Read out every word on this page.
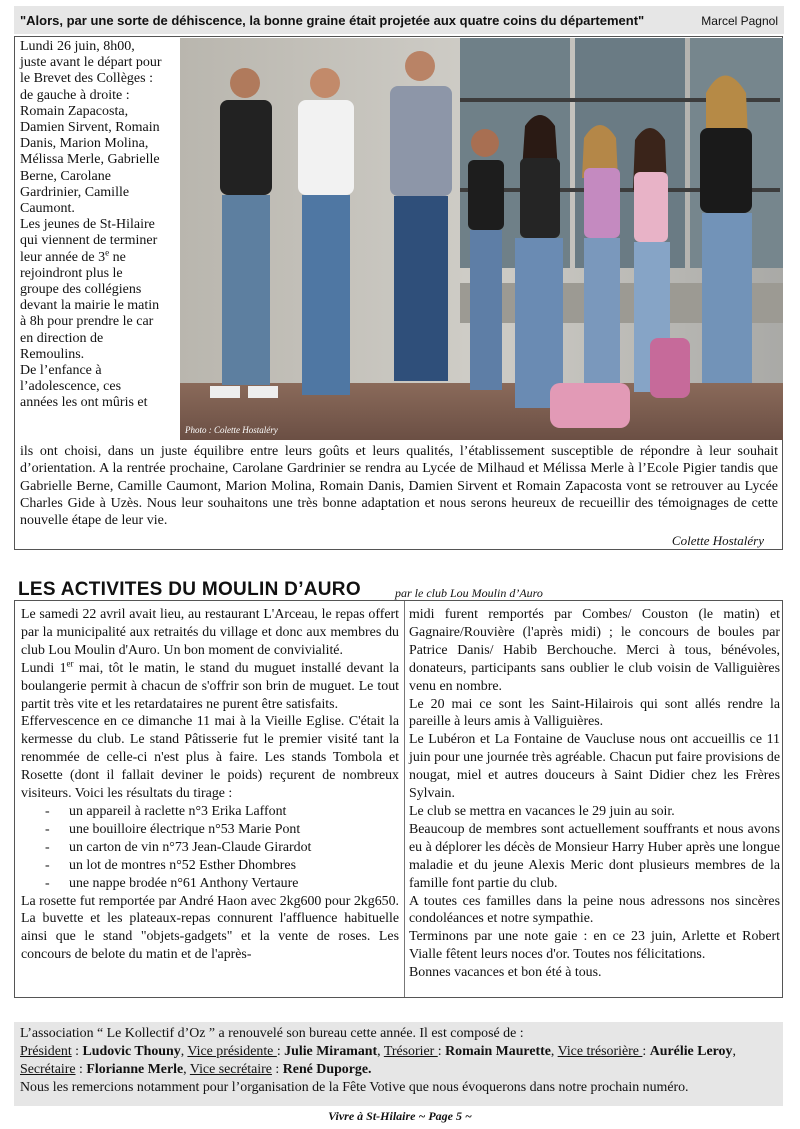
"Alors, par une sorte de déhiscence, la bonne graine était projetée aux quatre coins du département"	Marcel Pagnol
Lundi 26 juin, 8h00,
juste avant le départ pour
le Brevet des Collèges :
de gauche à droite :
Romain Zapacosta,
Damien Sirvent, Romain
Danis, Marion Molina,
Mélissa Merle, Gabrielle
Berne, Carolane
Gardrinier, Camille
Caumont.
Les jeunes de St-Hilaire
qui viennent de terminer
leur année de 3e ne
rejoindront plus le
groupe des collégiens
devant la mairie le matin
à 8h pour prendre le car
en direction de
Remoulins.
De l’enfance à
l’adolescence, ces
années les ont mûris et
ils ont choisi, dans un juste équilibre entre leurs goûts et leurs qualités, l’établissement susceptible de répondre à leur souhait d’orientation. A la rentrée prochaine, Carolane Gardrinier se rendra au Lycée de Milhaud et Mélissa Merle à l’Ecole Pigier tandis que Gabrielle Berne, Camille Caumont, Marion Molina, Romain Danis, Damien Sirvent et Romain Zapacosta vont se retrouver au Lycée Charles Gide à Uzès. Nous leur souhaitons une très bonne adaptation et nous serons heureux de recueillir des témoignages de cette nouvelle étape de leur vie.
Colette Hostaléry
Photo : Colette Hostaléry
LES ACTIVITES DU MOULIN D’AURO	par le club Lou Moulin d’Auro

Le samedi 22 avril avait lieu, au restaurant L'Arceau, le repas offert par la municipalité aux retraités du village et donc aux membres du club Lou Moulin d'Auro. Un bon moment de convivialité.

Lundi 1er mai, tôt le matin, le stand du muguet installé devant la boulangerie permit à chacun de s'offrir son brin de muguet. Le tout partit très vite et les retardataires ne purent être satisfaits.

Effervescence en ce dimanche 11 mai à la Vieille Eglise. C'était la kermesse du club. Le stand Pâtisserie fut le premier visité tant la renommée de celle-ci n'est plus à faire. Les stands Tombola et Rosette (dont il fallait deviner le poids) reçurent de nombreux visiteurs. Voici les résultats du tirage :

- un appareil à raclette n°3 Erika Laffont
- une bouilloire électrique n°53 Marie Pont
- un carton de vin n°73 Jean-Claude Girardot
- un lot de montres n°52 Esther Dhombres
- une nappe brodée n°61 Anthony Vertaure

La rosette fut remportée par André Haon avec 2kg600 pour 2kg650. La buvette et les plateaux-repas connurent l'affluence habituelle ainsi que le stand "objets-gadgets" et la vente de roses. Les concours de belote du matin et de l'après-

midi furent remportés par Combes/ Couston (le matin) et Gagnaire/Rouvière (l'après midi) ; le concours de boules par Patrice Danis/ Habib Berchouche. Merci à tous, bénévoles, donateurs, participants sans oublier le club voisin de Valliguières venu en nombre.

Le 20 mai ce sont les Saint-Hilairois qui sont allés rendre la pareille à leurs amis à Valliguières.

Le Lubéron et La Fontaine de Vaucluse nous ont accueillis ce 11 juin pour une journée très agréable. Chacun put faire provisions de nougat, miel et autres douceurs à Saint Didier chez les Frères Sylvain.

Le club se mettra en vacances le 29 juin au soir.

Beaucoup de membres sont actuellement souffrants et nous avons eu à déplorer les décès de Monsieur Harry Huber après une longue maladie et du jeune Alexis Meric dont plusieurs membres de la famille font partie du club.

A toutes ces familles dans la peine nous adressons nos sincères condoléances et notre sympathie.

Terminons par une note gaie : en ce 23 juin, Arlette et Robert Vialle fêtent leurs noces d'or. Toutes nos félicitations.

Bonnes vacances et bon été à tous.

L’association “ Le Kollectif d’Oz ” a renouvelé son bureau cette année. Il est composé de :

Président : Ludovic Thouny, Vice présidente : Julie Miramant, Trésorier : Romain Maurette, Vice trésorière : Aurélie Leroy, Secrétaire : Florianne Merle, Vice secrétaire : René Duporge.

Nous les remercions notamment pour l’organisation de la Fête Votive que nous évoquerons dans notre prochain numéro.

Vivre à St-Hilaire ~ Page 5 ~
